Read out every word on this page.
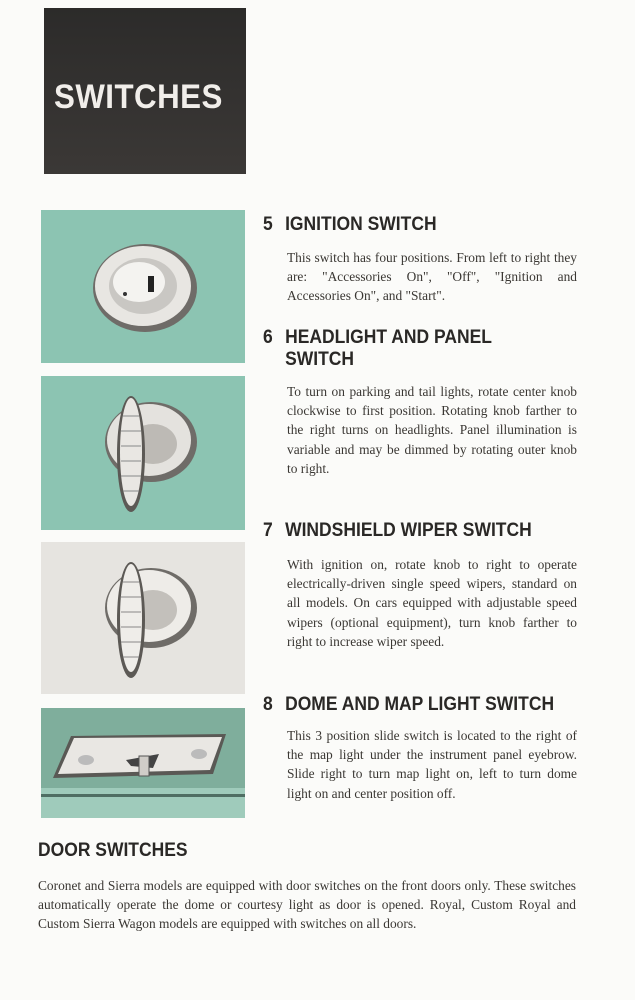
SWITCHES
5 IGNITION SWITCH
This switch has four positions. From left to right they are: "Accessories On", "Off", "Ignition and Accessories On", and "Start".
6 HEADLIGHT AND PANEL SWITCH
To turn on parking and tail lights, rotate center knob clockwise to first position. Rotating knob farther to the right turns on headlights. Panel illumination is variable and may be dimmed by rotating outer knob to right.
7 WINDSHIELD WIPER SWITCH
With ignition on, rotate knob to right to operate electrically-driven single speed wipers, standard on all models. On cars equipped with adjustable speed wipers (optional equipment), turn knob farther to right to increase wiper speed.
8 DOME AND MAP LIGHT SWITCH
This 3 position slide switch is located to the right of the map light under the instrument panel eyebrow. Slide right to turn map light on, left to turn dome light on and center position off.
DOOR SWITCHES
Coronet and Sierra models are equipped with door switches on the front doors only. These switches automatically operate the dome or courtesy light as door is opened. Royal, Custom Royal and Custom Sierra Wagon models are equipped with switches on all doors.
